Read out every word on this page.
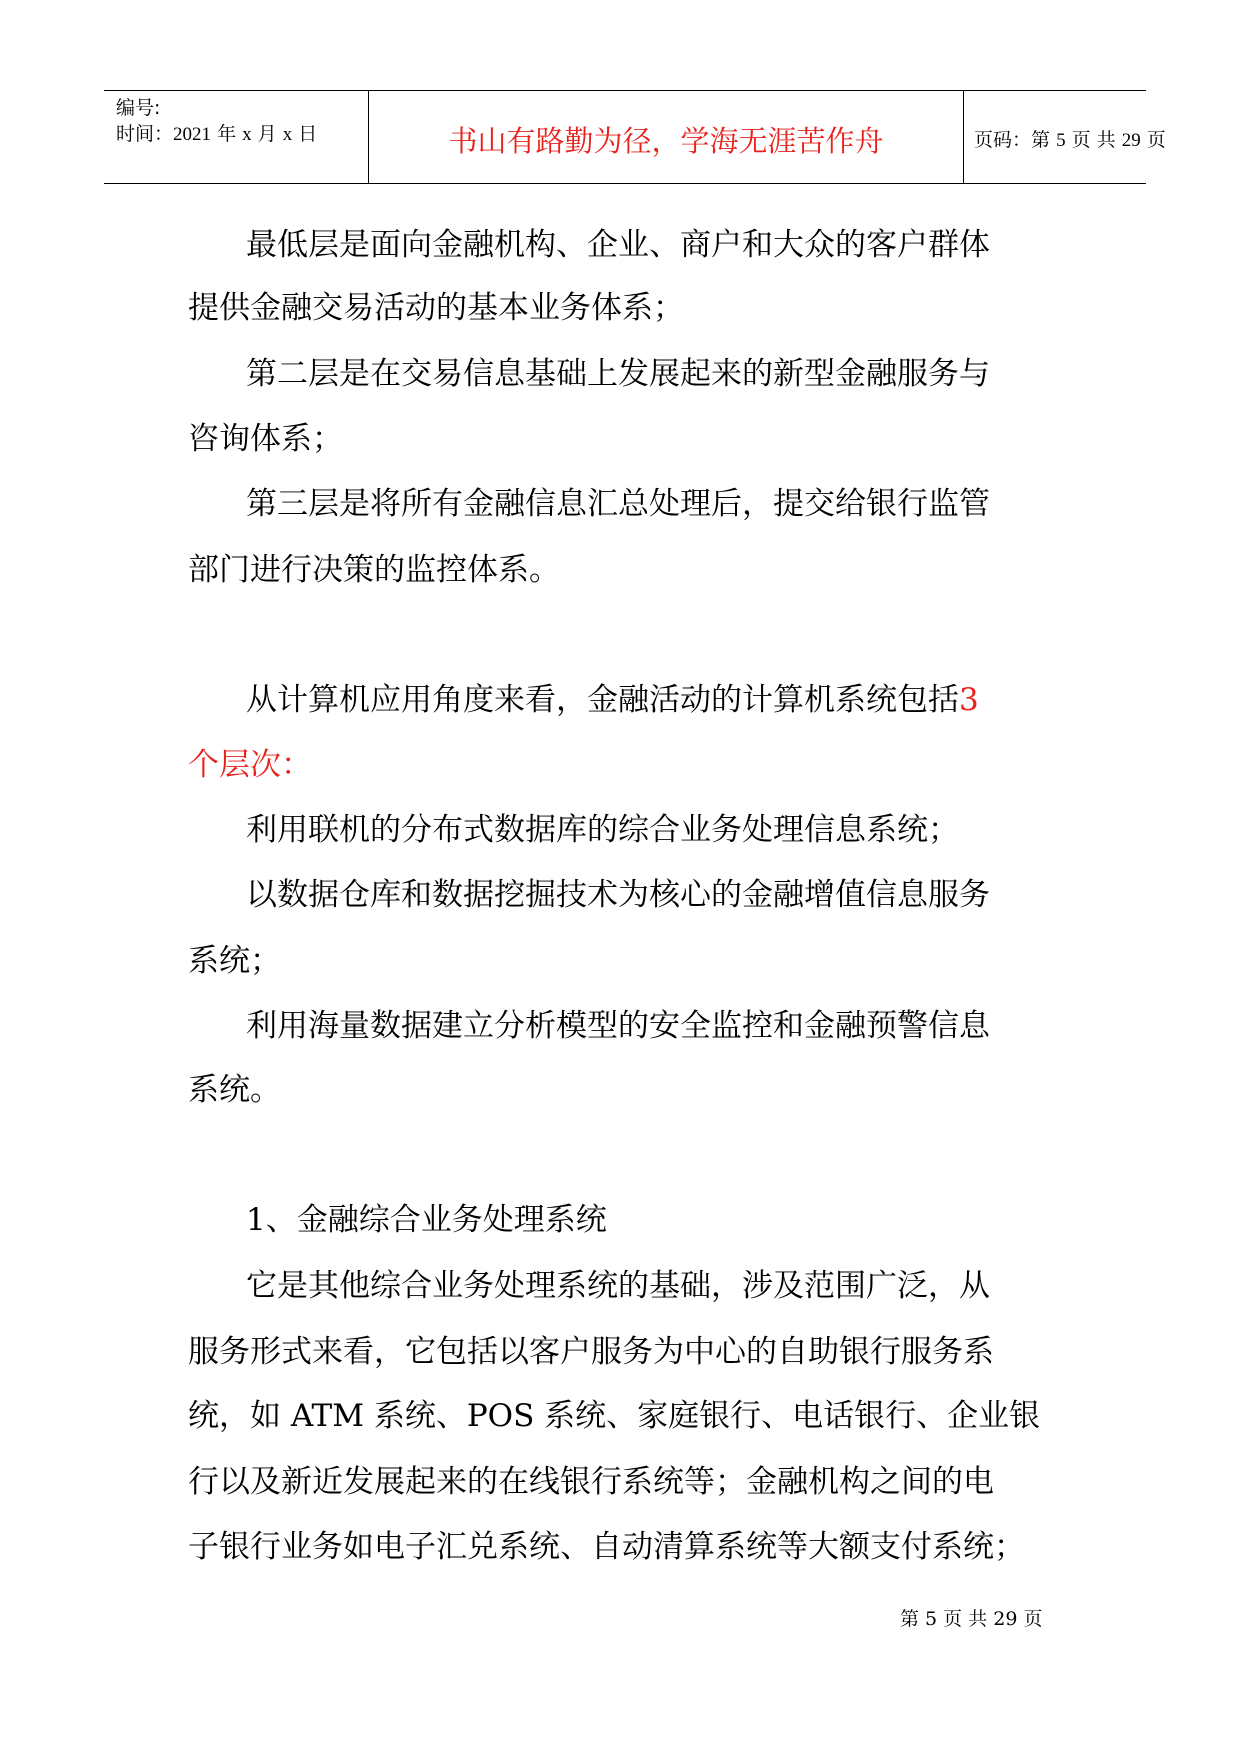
编号:
时间：2021 年 x 月 x 日	书山有路勤为径，学海无涯苦作舟	页码：第 5 页 共 29 页
最低层是面向金融机构、企业、商户和大众的客户群体
提供金融交易活动的基本业务体系；
第二层是在交易信息基础上发展起来的新型金融服务与
咨询体系；
第三层是将所有金融信息汇总处理后，提交给银行监管
部门进行决策的监控体系。
从计算机应用角度来看，金融活动的计算机系统包括3
个层次：
利用联机的分布式数据库的综合业务处理信息系统；
以数据仓库和数据挖掘技术为核心的金融增值信息服务
系统；
利用海量数据建立分析模型的安全监控和金融预警信息
系统。
1、金融综合业务处理系统
它是其他综合业务处理系统的基础，涉及范围广泛，从
服务形式来看，它包括以客户服务为中心的自助银行服务系
统，如 ATM 系统、POS 系统、家庭银行、电话银行、企业银
行以及新近发展起来的在线银行系统等；金融机构之间的电
子银行业务如电子汇兑系统、自动清算系统等大额支付系统；
第 5 页 共 29 页
